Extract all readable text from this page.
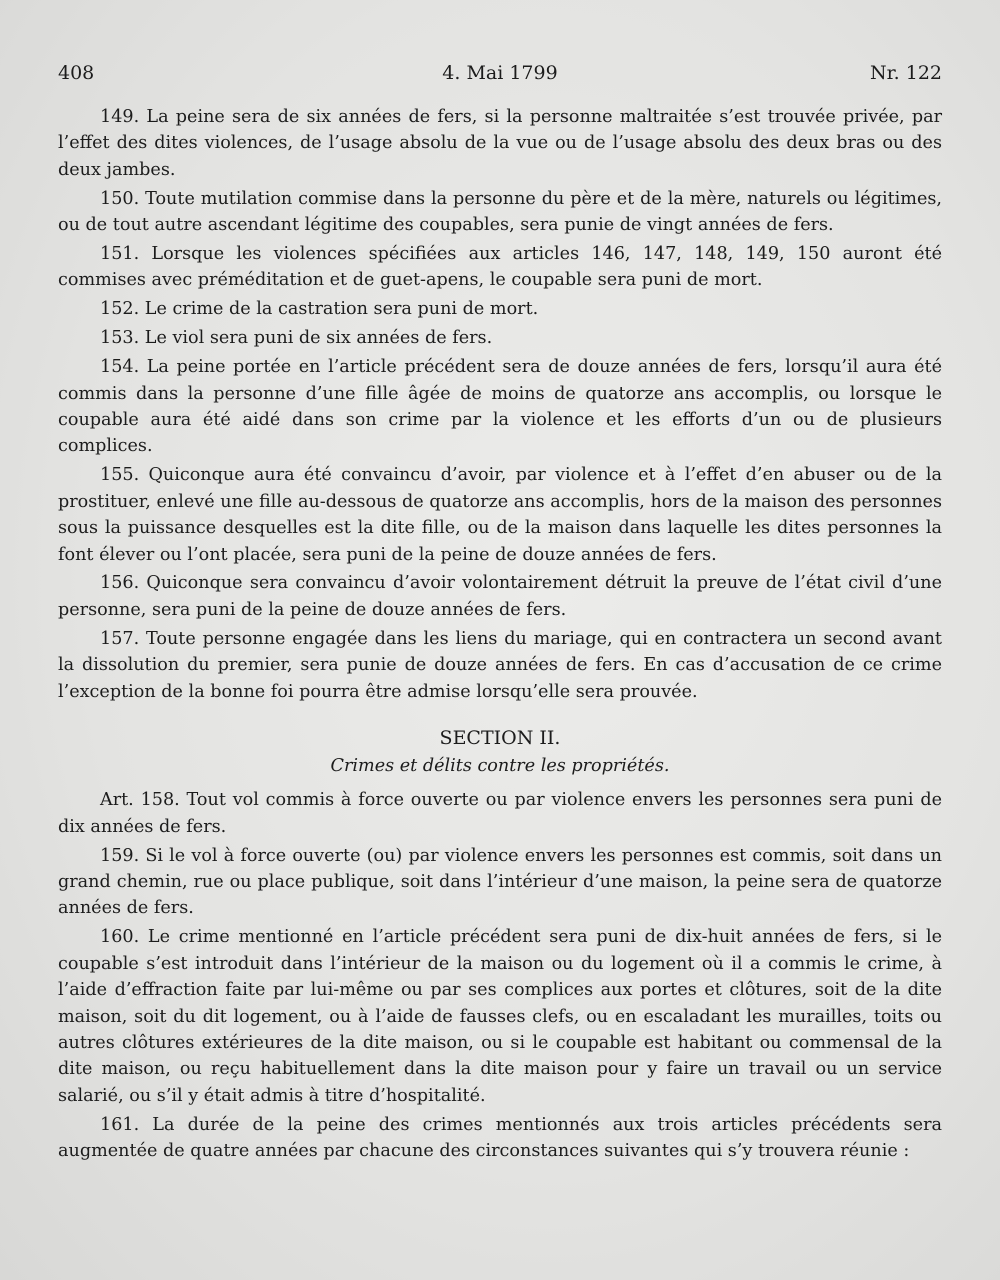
408	4. Mai 1799	Nr. 122

149. La peine sera de six années de fers, si la personne maltraitée s’est trouvée privée, par l’effet des dites violences, de l’usage absolu de la vue ou de l’usage absolu des deux bras ou des deux jambes.

150. Toute mutilation commise dans la personne du père et de la mère, naturels ou légitimes, ou de tout autre ascendant légitime des coupables, sera punie de vingt années de fers.

151. Lorsque les violences spécifiées aux articles 146, 147, 148, 149, 150 auront été commises avec préméditation et de guet-apens, le coupable sera puni de mort.

152. Le crime de la castration sera puni de mort.

153. Le viol sera puni de six années de fers.

154. La peine portée en l’article précédent sera de douze années de fers, lorsqu’il aura été commis dans la personne d’une fille âgée de moins de quatorze ans accomplis, ou lorsque le coupable aura été aidé dans son crime par la violence et les efforts d’un ou de plusieurs complices.

155. Quiconque aura été convaincu d’avoir, par violence et à l’effet d’en abuser ou de la prostituer, enlevé une fille au-dessous de quatorze ans accomplis, hors de la maison des personnes sous la puissance desquelles est la dite fille, ou de la maison dans laquelle les dites personnes la font élever ou l’ont placée, sera puni de la peine de douze années de fers.

156. Quiconque sera convaincu d’avoir volontairement détruit la preuve de l’état civil d’une personne, sera puni de la peine de douze années de fers.

157. Toute personne engagée dans les liens du mariage, qui en contractera un second avant la dissolution du premier, sera punie de douze années de fers. En cas d’accusation de ce crime l’exception de la bonne foi pourra être admise lorsqu’elle sera prouvée.

SECTION II.

Crimes et délits contre les propriétés.

Art. 158. Tout vol commis à force ouverte ou par violence envers les personnes sera puni de dix années de fers.

159. Si le vol à force ouverte (ou) par violence envers les personnes est commis, soit dans un grand chemin, rue ou place publique, soit dans l’intérieur d’une maison, la peine sera de quatorze années de fers.

160. Le crime mentionné en l’article précédent sera puni de dix-huit années de fers, si le coupable s’est introduit dans l’intérieur de la maison ou du logement où il a commis le crime, à l’aide d’effraction faite par lui-même ou par ses complices aux portes et clôtures, soit de la dite maison, soit du dit logement, ou à l’aide de fausses clefs, ou en escaladant les murailles, toits ou autres clôtures extérieures de la dite maison, ou si le coupable est habitant ou commensal de la dite maison, ou reçu habituellement dans la dite maison pour y faire un travail ou un service salarié, ou s’il y était admis à titre d’hospitalité.

161. La durée de la peine des crimes mentionnés aux trois articles précédents sera augmentée de quatre années par chacune des circonstances suivantes qui s’y trouvera réunie :
